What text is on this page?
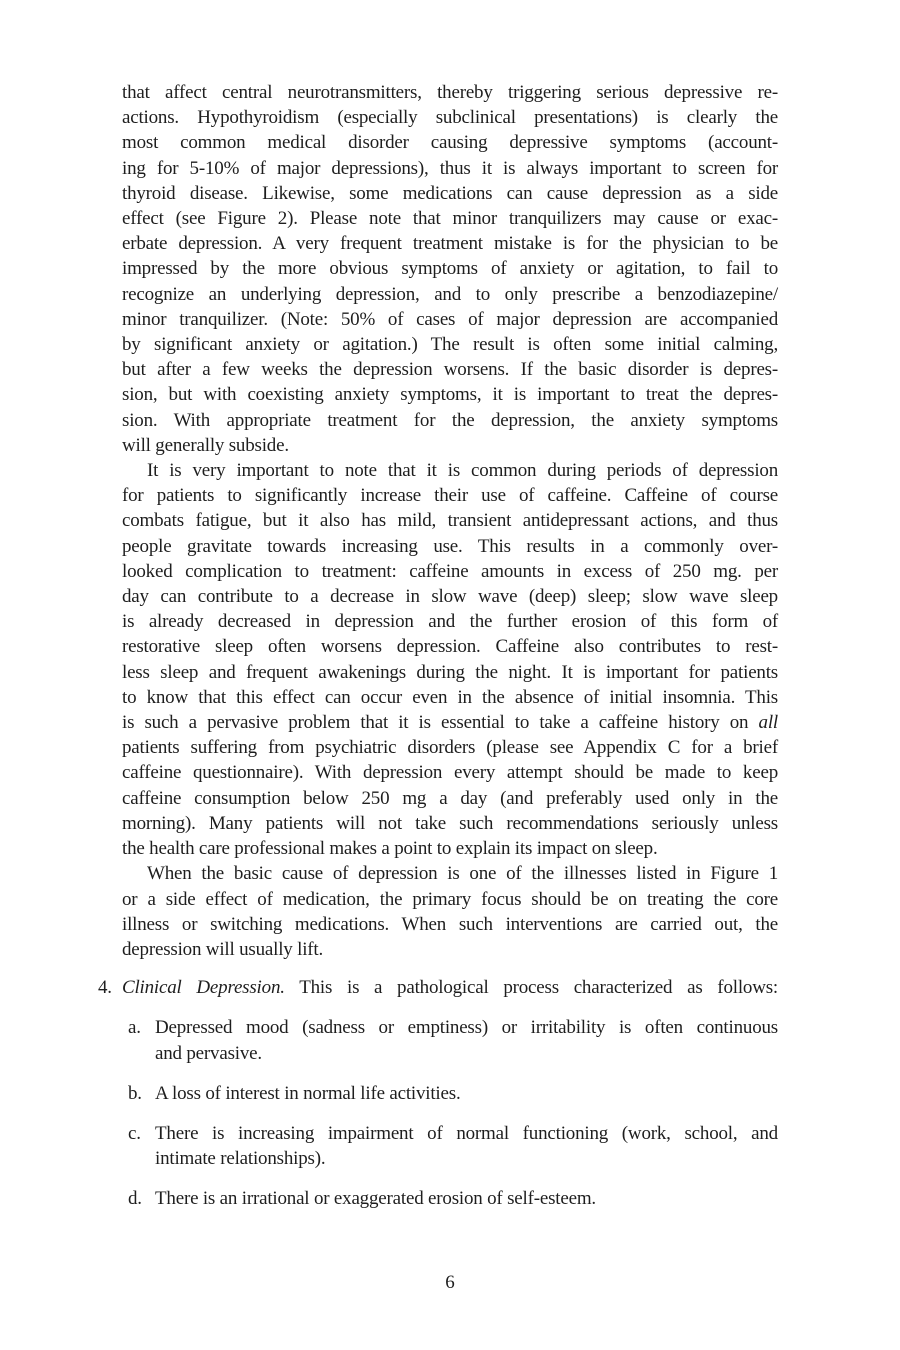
that affect central neurotransmitters, thereby triggering serious depressive re-
actions. Hypothyroidism (especially subclinical presentations) is clearly the
most common medical disorder causing depressive symptoms (account-
ing for 5-10% of major depressions), thus it is always important to screen for
thyroid disease. Likewise, some medications can cause depression as a side
effect (see Figure 2). Please note that minor tranquilizers may cause or exac-
erbate depression. A very frequent treatment mistake is for the physician to be
impressed by the more obvious symptoms of anxiety or agitation, to fail to
recognize an underlying depression, and to only prescribe a benzodiazepine/
minor tranquilizer. (Note: 50% of cases of major depression are accompanied
by significant anxiety or agitation.) The result is often some initial calming,
but after a few weeks the depression worsens. If the basic disorder is depres-
sion, but with coexisting anxiety symptoms, it is important to treat the depres-
sion. With appropriate treatment for the depression, the anxiety symptoms
will generally subside.
It is very important to note that it is common during periods of depression
for patients to significantly increase their use of caffeine. Caffeine of course
combats fatigue, but it also has mild, transient antidepressant actions, and thus
people gravitate towards increasing use. This results in a commonly over-
looked complication to treatment: caffeine amounts in excess of 250 mg. per
day can contribute to a decrease in slow wave (deep) sleep; slow wave sleep
is already decreased in depression and the further erosion of this form of
restorative sleep often worsens depression. Caffeine also contributes to rest-
less sleep and frequent awakenings during the night. It is important for patients
to know that this effect can occur even in the absence of initial insomnia. This
is such a pervasive problem that it is essential to take a caffeine history on all
patients suffering from psychiatric disorders (please see Appendix C for a brief
caffeine questionnaire). With depression every attempt should be made to keep
caffeine consumption below 250 mg a day (and preferably used only in the
morning). Many patients will not take such recommendations seriously unless
the health care professional makes a point to explain its impact on sleep.
When the basic cause of depression is one of the illnesses listed in Figure 1
or a side effect of medication, the primary focus should be on treating the core
illness or switching medications. When such interventions are carried out, the
depression will usually lift.
4. Clinical Depression. This is a pathological process characterized as follows:
a. Depressed mood (sadness or emptiness) or irritability is often continuous
and pervasive.
b. A loss of interest in normal life activities.
c. There is increasing impairment of normal functioning (work, school, and
intimate relationships).
d. There is an irrational or exaggerated erosion of self-esteem.
6
